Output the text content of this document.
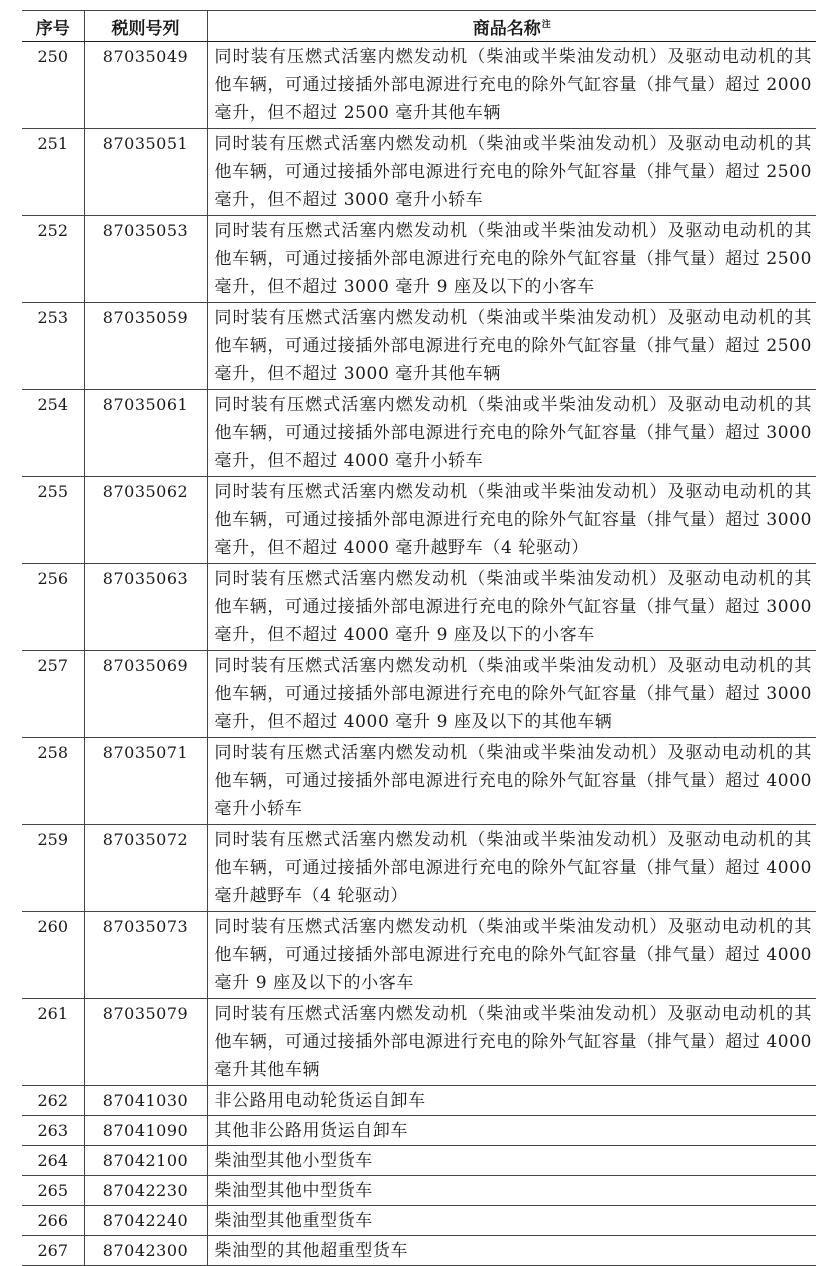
序号	税则号列	商品名称$^注$
250	87035049	同时装有压燃式活塞内燃发动机（柴油或半柴油发动机）及驱动电动机的其他车辆，可通过接插外部电源进行充电的除外气缸容量（排气量）超过 2000 毫升，但不超过 2500 毫升其他车辆
251	87035051	同时装有压燃式活塞内燃发动机（柴油或半柴油发动机）及驱动电动机的其他车辆，可通过接插外部电源进行充电的除外气缸容量（排气量）超过 2500 毫升，但不超过 3000 毫升小轿车
252	87035053	同时装有压燃式活塞内燃发动机（柴油或半柴油发动机）及驱动电动机的其他车辆，可通过接插外部电源进行充电的除外气缸容量（排气量）超过 2500 毫升，但不超过 3000 毫升 9 座及以下的小客车
253	87035059	同时装有压燃式活塞内燃发动机（柴油或半柴油发动机）及驱动电动机的其他车辆，可通过接插外部电源进行充电的除外气缸容量（排气量）超过 2500 毫升，但不超过 3000 毫升其他车辆
254	87035061	同时装有压燃式活塞内燃发动机（柴油或半柴油发动机）及驱动电动机的其他车辆，可通过接插外部电源进行充电的除外气缸容量（排气量）超过 3000 毫升，但不超过 4000 毫升小轿车
255	87035062	同时装有压燃式活塞内燃发动机（柴油或半柴油发动机）及驱动电动机的其他车辆，可通过接插外部电源进行充电的除外气缸容量（排气量）超过 3000 毫升，但不超过 4000 毫升越野车（4 轮驱动）
256	87035063	同时装有压燃式活塞内燃发动机（柴油或半柴油发动机）及驱动电动机的其他车辆，可通过接插外部电源进行充电的除外气缸容量（排气量）超过 3000 毫升，但不超过 4000 毫升 9 座及以下的小客车
257	87035069	同时装有压燃式活塞内燃发动机（柴油或半柴油发动机）及驱动电动机的其他车辆，可通过接插外部电源进行充电的除外气缸容量（排气量）超过 3000 毫升，但不超过 4000 毫升 9 座及以下的其他车辆
258	87035071	同时装有压燃式活塞内燃发动机（柴油或半柴油发动机）及驱动电动机的其他车辆，可通过接插外部电源进行充电的除外气缸容量（排气量）超过 4000 毫升小轿车
259	87035072	同时装有压燃式活塞内燃发动机（柴油或半柴油发动机）及驱动电动机的其他车辆，可通过接插外部电源进行充电的除外气缸容量（排气量）超过 4000 毫升越野车（4 轮驱动）
260	87035073	同时装有压燃式活塞内燃发动机（柴油或半柴油发动机）及驱动电动机的其他车辆，可通过接插外部电源进行充电的除外气缸容量（排气量）超过 4000 毫升 9 座及以下的小客车
261	87035079	同时装有压燃式活塞内燃发动机（柴油或半柴油发动机）及驱动电动机的其他车辆，可通过接插外部电源进行充电的除外气缸容量（排气量）超过 4000 毫升其他车辆
262	87041030	非公路用电动轮货运自卸车
263	87041090	其他非公路用货运自卸车
264	87042100	柴油型其他小型货车
265	87042230	柴油型其他中型货车
266	87042240	柴油型其他重型货车
267	87042300	柴油型的其他超重型货车
